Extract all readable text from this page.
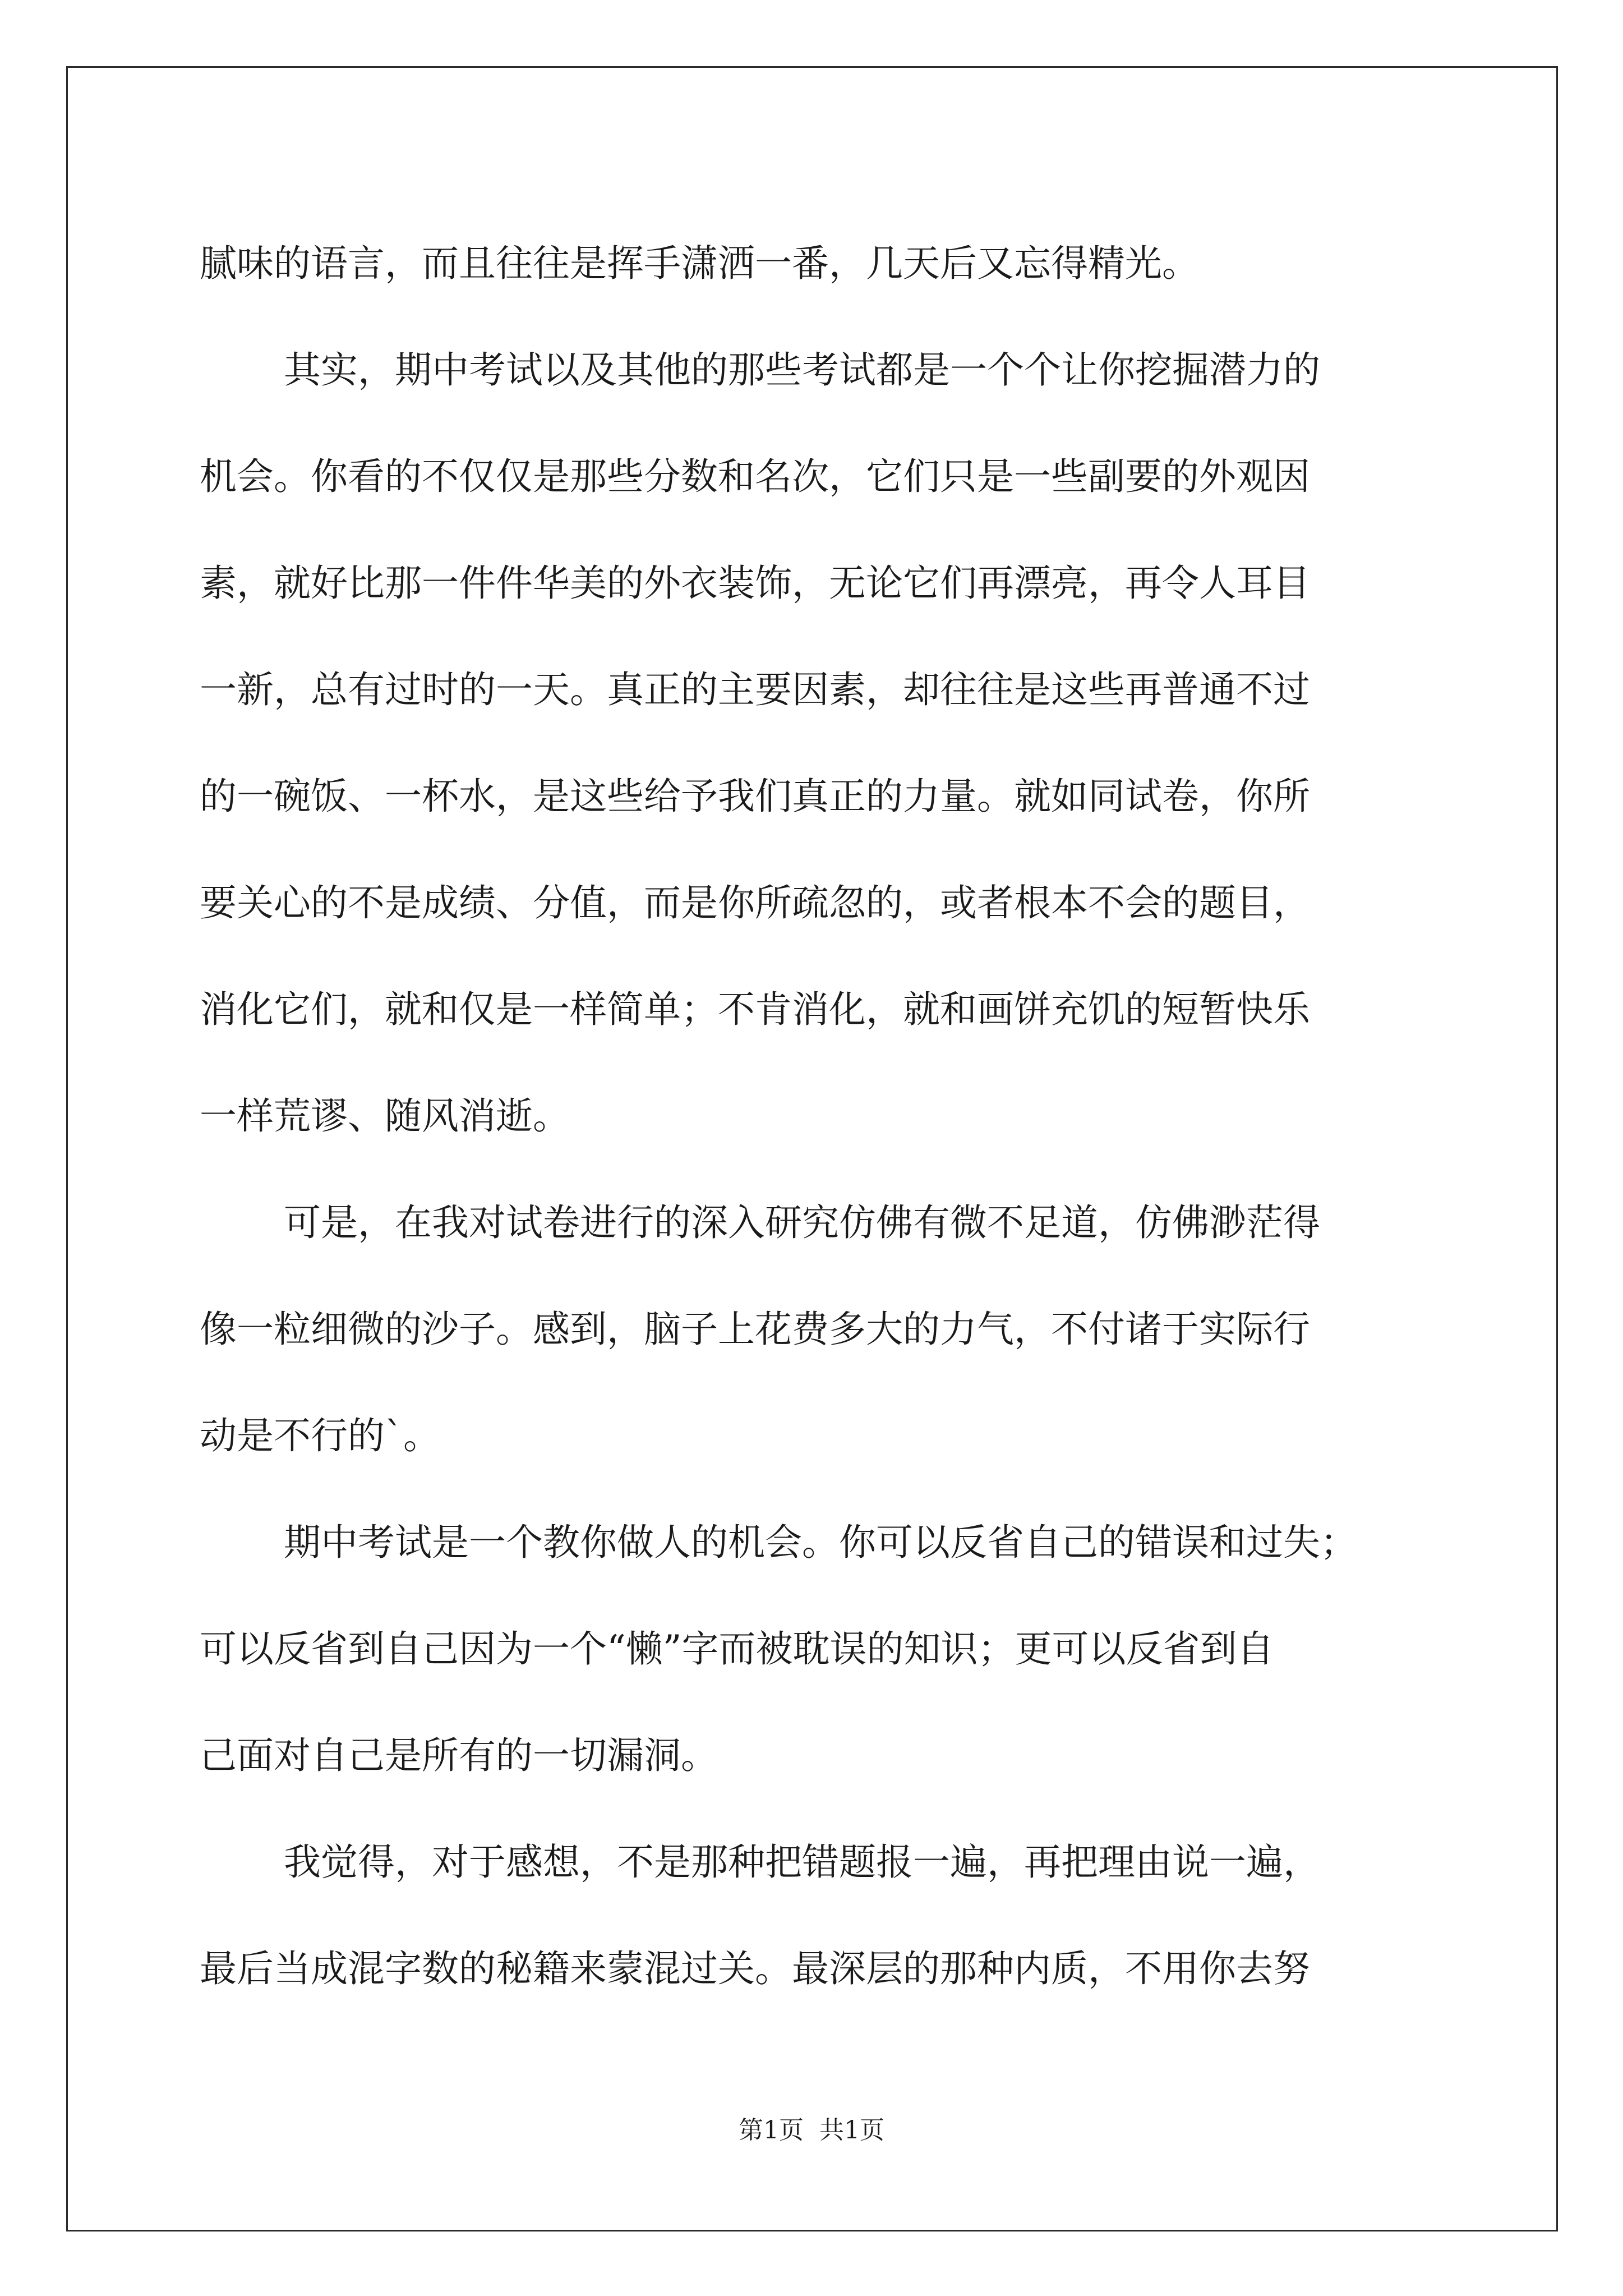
腻味的语言，而且往往是挥手潇洒一番，几天后又忘得精光。
其实，期中考试以及其他的那些考试都是一个个让你挖掘潜力的
机会。你看的不仅仅是那些分数和名次，它们只是一些副要的外观因
素，就好比那一件件华美的外衣装饰，无论它们再漂亮，再令人耳目
一新，总有过时的一天。真正的主要因素，却往往是这些再普通不过
的一碗饭、一杯水，是这些给予我们真正的力量。就如同试卷，你所
要关心的不是成绩、分值，而是你所疏忽的，或者根本不会的题目，
消化它们，就和仅是一样简单；不肯消化，就和画饼充饥的短暂快乐
一样荒谬、随风消逝。
可是，在我对试卷进行的深入研究仿佛有微不足道，仿佛渺茫得
像一粒细微的沙子。感到，脑子上花费多大的力气，不付诸于实际行
动是不行的`。
期中考试是一个教你做人的机会。你可以反省自己的错误和过失；
可以反省到自己因为一个“懒”字而被耽误的知识；更可以反省到自
己面对自己是所有的一切漏洞。
我觉得，对于感想，不是那种把错题报一遍，再把理由说一遍，
最后当成混字数的秘籍来蒙混过关。最深层的那种内质，不用你去努
第1页 共1页
